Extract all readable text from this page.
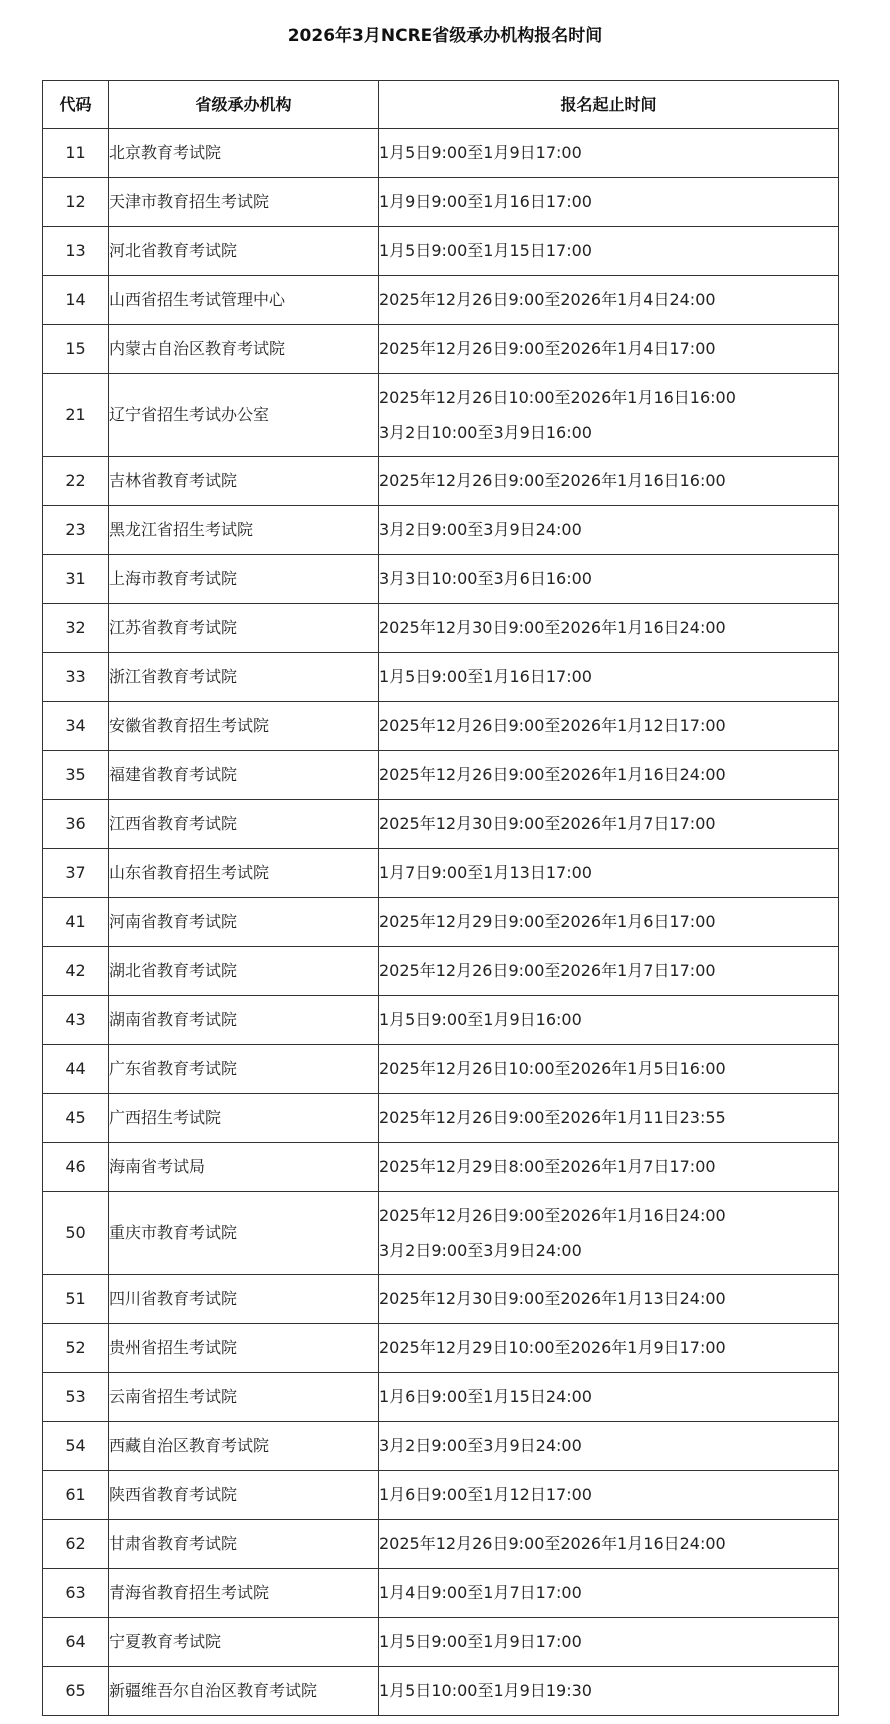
2026年3月NCRE省级承办机构报名时间
代码	省级承办机构	报名起止时间
11	北京教育考试院	1月5日9:00至1月9日17:00

12	天津市教育招生考试院	1月9日9:00至1月16日17:00

13	河北省教育考试院	1月5日9:00至1月15日17:00

14	山西省招生考试管理中心	2025年12月26日9:00至2026年1月4日24:00

15	内蒙古自治区教育考试院	2025年12月26日9:00至2026年1月4日17:00

21	辽宁省招生考试办公室	2025年12月26日10:00至2026年1月16日16:00
3月2日10:00至3月9日16:00

22	吉林省教育考试院	2025年12月26日9:00至2026年1月16日16:00

23	黑龙江省招生考试院	3月2日9:00至3月9日24:00

31	上海市教育考试院	3月3日10:00至3月6日16:00

32	江苏省教育考试院	2025年12月30日9:00至2026年1月16日24:00

33	浙江省教育考试院	1月5日9:00至1月16日17:00

34	安徽省教育招生考试院	2025年12月26日9:00至2026年1月12日17:00

35	福建省教育考试院	2025年12月26日9:00至2026年1月16日24:00

36	江西省教育考试院	2025年12月30日9:00至2026年1月7日17:00

37	山东省教育招生考试院	1月7日9:00至1月13日17:00

41	河南省教育考试院	2025年12月29日9:00至2026年1月6日17:00

42	湖北省教育考试院	2025年12月26日9:00至2026年1月7日17:00

43	湖南省教育考试院	1月5日9:00至1月9日16:00

44	广东省教育考试院	2025年12月26日10:00至2026年1月5日16:00

45	广西招生考试院	2025年12月26日9:00至2026年1月11日23:55

46	海南省考试局	2025年12月29日8:00至2026年1月7日17:00

50	重庆市教育考试院	2025年12月26日9:00至2026年1月16日24:00
3月2日9:00至3月9日24:00

51	四川省教育考试院	2025年12月30日9:00至2026年1月13日24:00

52	贵州省招生考试院	2025年12月29日10:00至2026年1月9日17:00

53	云南省招生考试院	1月6日9:00至1月15日24:00

54	西藏自治区教育考试院	3月2日9:00至3月9日24:00

61	陕西省教育考试院	1月6日9:00至1月12日17:00

62	甘肃省教育考试院	2025年12月26日9:00至2026年1月16日24:00

63	青海省教育招生考试院	1月4日9:00至1月7日17:00

64	宁夏教育考试院	1月5日9:00至1月9日17:00

65	新疆维吾尔自治区教育考试院	1月5日10:00至1月9日19:30
